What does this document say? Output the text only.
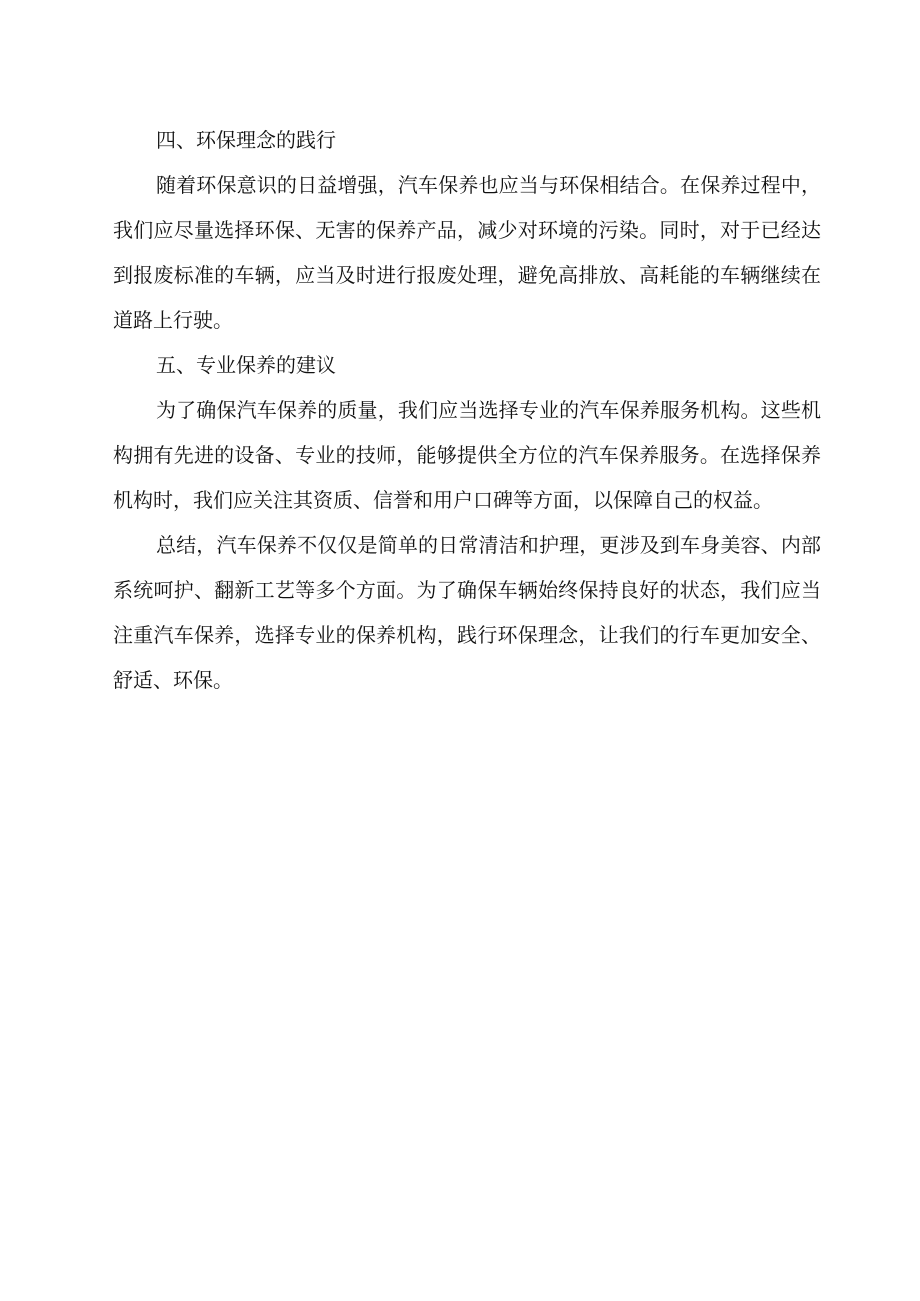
四、环保理念的践行

随着环保意识的日益增强，汽车保养也应当与环保相结合。在保养过程中，我们应尽量选择环保、无害的保养产品，减少对环境的污染。同时，对于已经达到报废标准的车辆，应当及时进行报废处理，避免高排放、高耗能的车辆继续在道路上行驶。

五、专业保养的建议

为了确保汽车保养的质量，我们应当选择专业的汽车保养服务机构。这些机构拥有先进的设备、专业的技师，能够提供全方位的汽车保养服务。在选择保养机构时，我们应关注其资质、信誉和用户口碑等方面，以保障自己的权益。

总结，汽车保养不仅仅是简单的日常清洁和护理，更涉及到车身美容、内部系统呵护、翻新工艺等多个方面。为了确保车辆始终保持良好的状态，我们应当注重汽车保养，选择专业的保养机构，践行环保理念，让我们的行车更加安全、舒适、环保。
